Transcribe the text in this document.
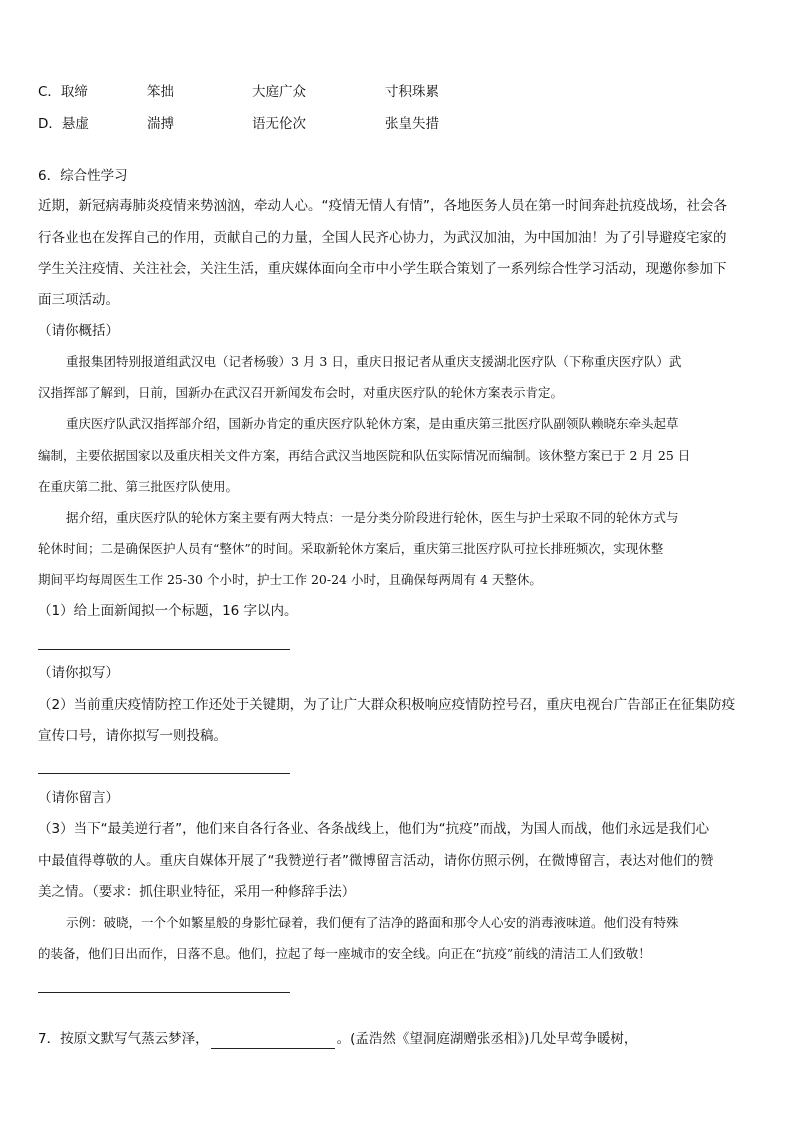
C．取缔	笨拙	大庭广众	寸积珠累
D．悬虚	湍搏	语无伦次	张皇失措
6．综合性学习
近期，新冠病毒肺炎疫情来势汹汹，牵动人心。“疫情无情人有情”，各地医务人员在第一时间奔赴抗疫战场，社会各
行各业也在发挥自己的作用，贡献自己的力量，全国人民齐心协力，为武汉加油，为中国加油！为了引导避疫宅家的
学生关注疫情、关注社会，关注生活，重庆媒体面向全市中小学生联合策划了一系列综合性学习活动，现邀你参加下
面三项活动。
（请你概括）
重报集团特别报道组武汉电（记者杨骏）3 月 3 日，重庆日报记者从重庆支援湖北医疗队（下称重庆医疗队）武
汉指挥部了解到，日前，国新办在武汉召开新闻发布会时，对重庆医疗队的轮休方案表示肯定。
重庆医疗队武汉指挥部介绍，国新办肯定的重庆医疗队轮休方案，是由重庆第三批医疗队副领队赖晓东牵头起草
编制，主要依据国家以及重庆相关文件方案，再结合武汉当地医院和队伍实际情况而编制。该休整方案已于 2 月 25 日
在重庆第二批、第三批医疗队使用。
据介绍，重庆医疗队的轮休方案主要有两大特点：一是分类分阶段进行轮休，医生与护士采取不同的轮休方式与
轮休时间；二是确保医护人员有“整休”的时间。采取新轮休方案后，重庆第三批医疗队可拉长排班频次，实现休整
期间平均每周医生工作 25-30 个小时，护士工作 20-24 小时，且确保每两周有 4 天整休。
（1）给上面新闻拟一个标题，16 字以内。
（请你拟写）
（2）当前重庆疫情防控工作还处于关键期，为了让广大群众积极响应疫情防控号召，重庆电视台广告部正在征集防疫
宣传口号，请你拟写一则投稿。
（请你留言）
（3）当下“最美逆行者”，他们来自各行各业、各条战线上，他们为“抗疫”而战，为国人而战，他们永远是我们心
中最值得尊敬的人。重庆自媒体开展了“我赞逆行者”微博留言活动，请你仿照示例，在微博留言，表达对他们的赞
美之情。（要求：抓住职业特征，采用一种修辞手法）
示例：破晓，一个个如繁星般的身影忙碌着，我们便有了洁净的路面和那令人心安的消毒液味道。他们没有特殊
的装备，他们日出而作，日落不息。他们，拉起了每一座城市的安全线。向正在“抗疫”前线的清洁工人们致敬！
7．按原文默写气蒸云梦泽，	。(孟浩然《望洞庭湖赠张丞相》)几处早莺争暖树，
